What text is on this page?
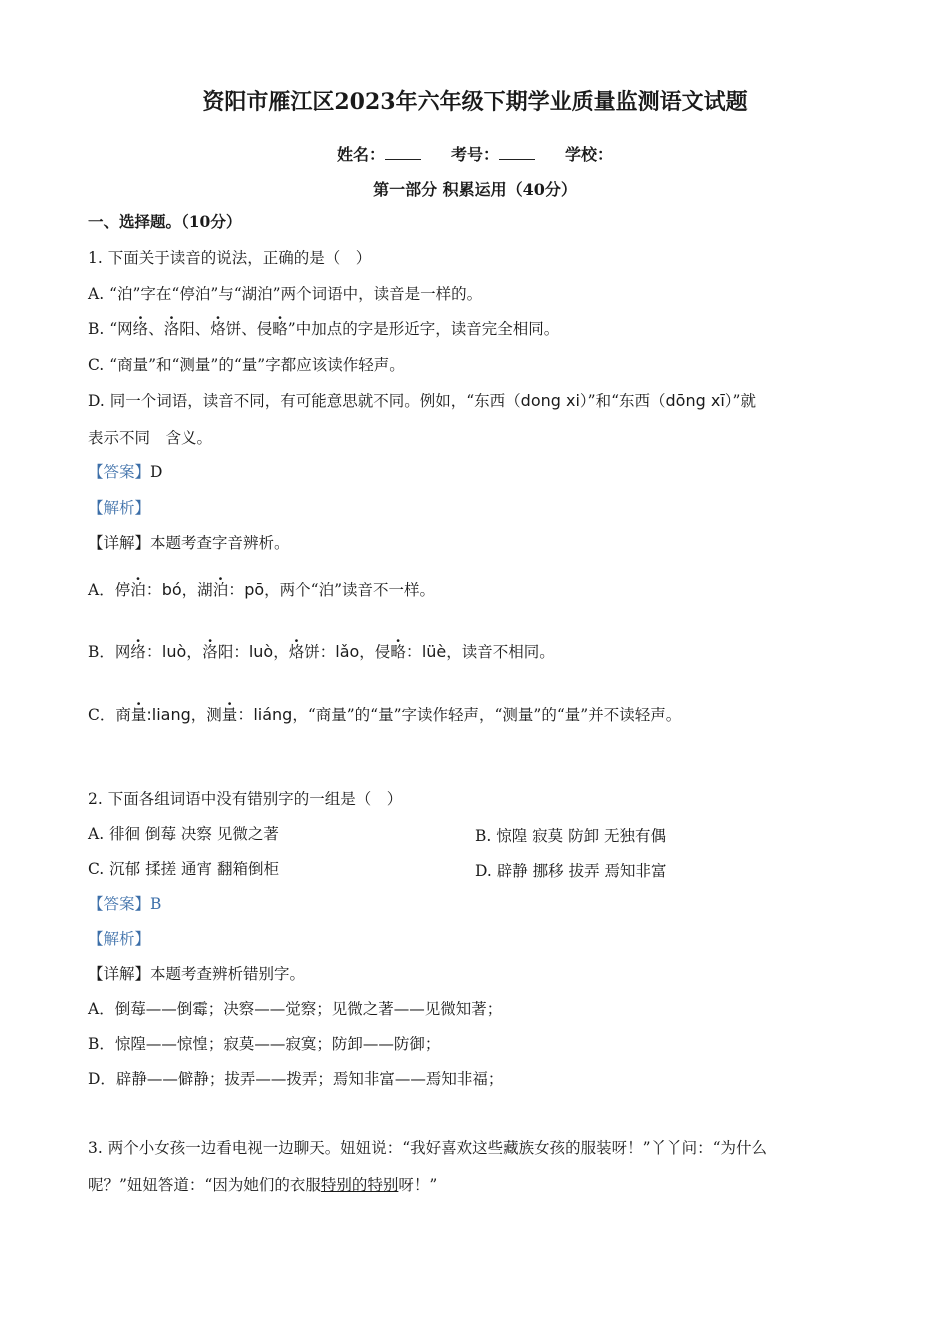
资阳市雁江区2023年六年级下期学业质量监测语文试题
姓名：	考号：	学校：
第一部分 积累运用（40分）
一、选择题。（10分）
1. 下面关于读音的说法，正确的是（　）
A. “泊”字在“停泊”与“湖泊”两个词语中，读音是一样的。
B. “网络、洛阳、烙饼、侵略”中加点的字是形近字，读音完全相同。
C. “商量”和“测量”的“量”字都应该读作轻声。
D. 同一个词语，读音不同，有可能意思就不同。例如，“东西（dong xi）”和“东西（dōng xī）”就
表示不同　含义。
【答案】D
【解析】
【详解】本题考查字音辨析。
A．停泊：bó，湖泊：pō，两个“泊”读音不一样。
B．网络：luò，洛阳：luò，烙饼：lǎo，侵略：lüè，读音不相同。
C．商量:liang，测量：liáng，“商量”的“量”字读作轻声，“测量”的“量”并不读轻声。
2. 下面各组词语中没有错别字的一组是（　）
A. 徘徊 倒莓 决察 见微之著	B. 惊隍 寂莫 防卸 无独有偶
C. 沉郁 揉搓 通宵 翻箱倒柜	D. 辟静 挪移 拔弄 焉知非富
【答案】B
【解析】
【详解】本题考查辨析错别字。
A．倒莓——倒霉；决察——觉察；见微之著——见微知著；
B．惊隍——惊惶；寂莫——寂寞；防卸——防御；
D．辟静——僻静；拔弄——拨弄；焉知非富——焉知非福；
3. 两个小女孩一边看电视一边聊天。妞妞说：“我好喜欢这些藏族女孩的服装呀！”丫丫问：“为什么
呢？”妞妞答道：“因为她们的衣服特别的特别呀！”
